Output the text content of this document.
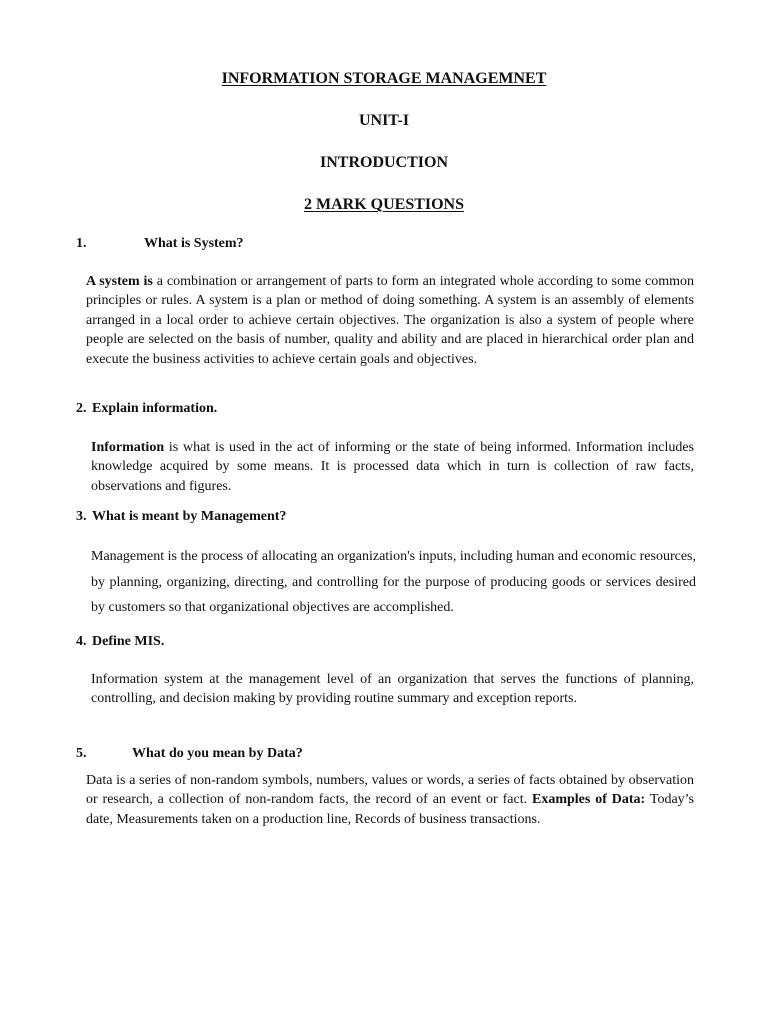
INFORMATION STORAGE MANAGEMNET
UNIT-I
INTRODUCTION
2 MARK QUESTIONS

1.	What is System?

A system is a combination or arrangement of parts to form an integrated whole according to some common principles or rules. A system is a plan or method of doing something. A system is an assembly of elements arranged in a local order to achieve certain objectives. The organization is also a system of people where people are selected on the basis of number, quality and ability and are placed in hierarchical order plan and execute the business activities to achieve certain goals and objectives.

2. Explain information.

Information is what is used in the act of informing or the state of being informed. Information includes knowledge acquired by some means. It is processed data which in turn is collection of raw facts, observations and figures.

3. What is meant by Management?

Management is the process of allocating an organization's inputs, including human and economic resources, by planning, organizing, directing, and controlling for the purpose of producing goods or services desired by customers so that organizational objectives are accomplished.

4. Define MIS.

Information system at the management level of an organization that serves the functions of planning, controlling, and decision making by providing routine summary and exception reports.

5.	What do you mean by Data?

Data is a series of non-random symbols, numbers, values or words, a series of facts obtained by observation or research, a collection of non-random facts, the record of an event or fact. Examples of Data: Today’s date, Measurements taken on a production line, Records of business transactions.
